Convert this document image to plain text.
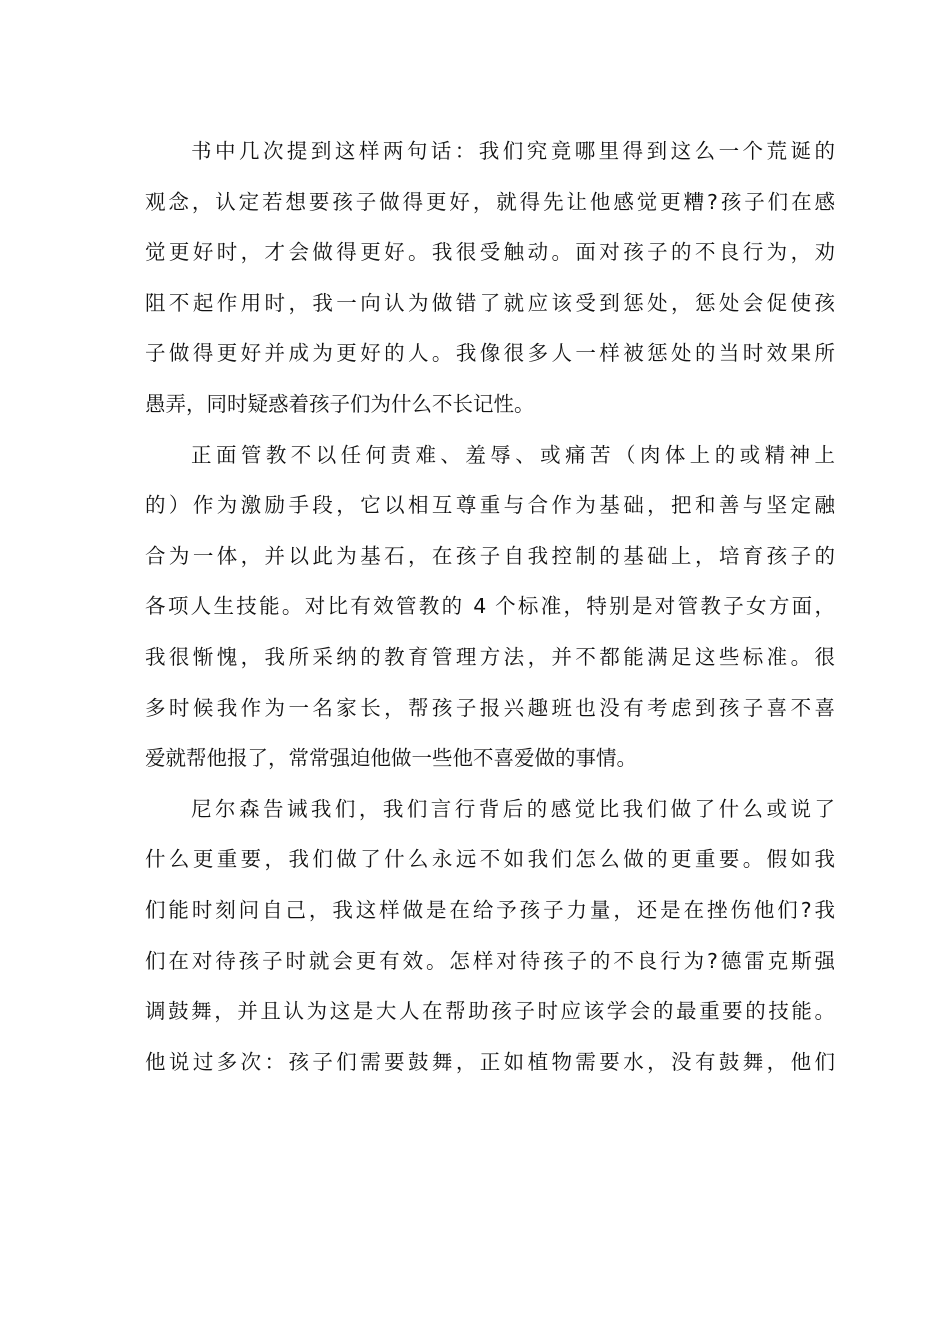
书中几次提到这样两句话：我们究竟哪里得到这么一个荒诞的
观念，认定若想要孩子做得更好，就得先让他感觉更糟?孩子们在感
觉更好时，才会做得更好。我很受触动。面对孩子的不良行为，劝
阻不起作用时，我一向认为做错了就应该受到惩处，惩处会促使孩
子做得更好并成为更好的人。我像很多人一样被惩处的当时效果所
愚弄，同时疑惑着孩子们为什么不长记性。
正面管教不以任何责难、羞辱、或痛苦（肉体上的或精神上
的）作为激励手段，它以相互尊重与合作为基础，把和善与坚定融
合为一体，并以此为基石，在孩子自我控制的基础上，培育孩子的
各项人生技能。对比有效管教的 4 个标准，特别是对管教子女方面，
我很惭愧，我所采纳的教育管理方法，并不都能满足这些标准。很
多时候我作为一名家长，帮孩子报兴趣班也没有考虑到孩子喜不喜
爱就帮他报了，常常强迫他做一些他不喜爱做的事情。
尼尔森告诫我们，我们言行背后的感觉比我们做了什么或说了
什么更重要，我们做了什么永远不如我们怎么做的更重要。假如我
们能时刻问自己，我这样做是在给予孩子力量，还是在挫伤他们?我
们在对待孩子时就会更有效。怎样对待孩子的不良行为?德雷克斯强
调鼓舞，并且认为这是大人在帮助孩子时应该学会的最重要的技能。
他说过多次：孩子们需要鼓舞，正如植物需要水，没有鼓舞，他们
